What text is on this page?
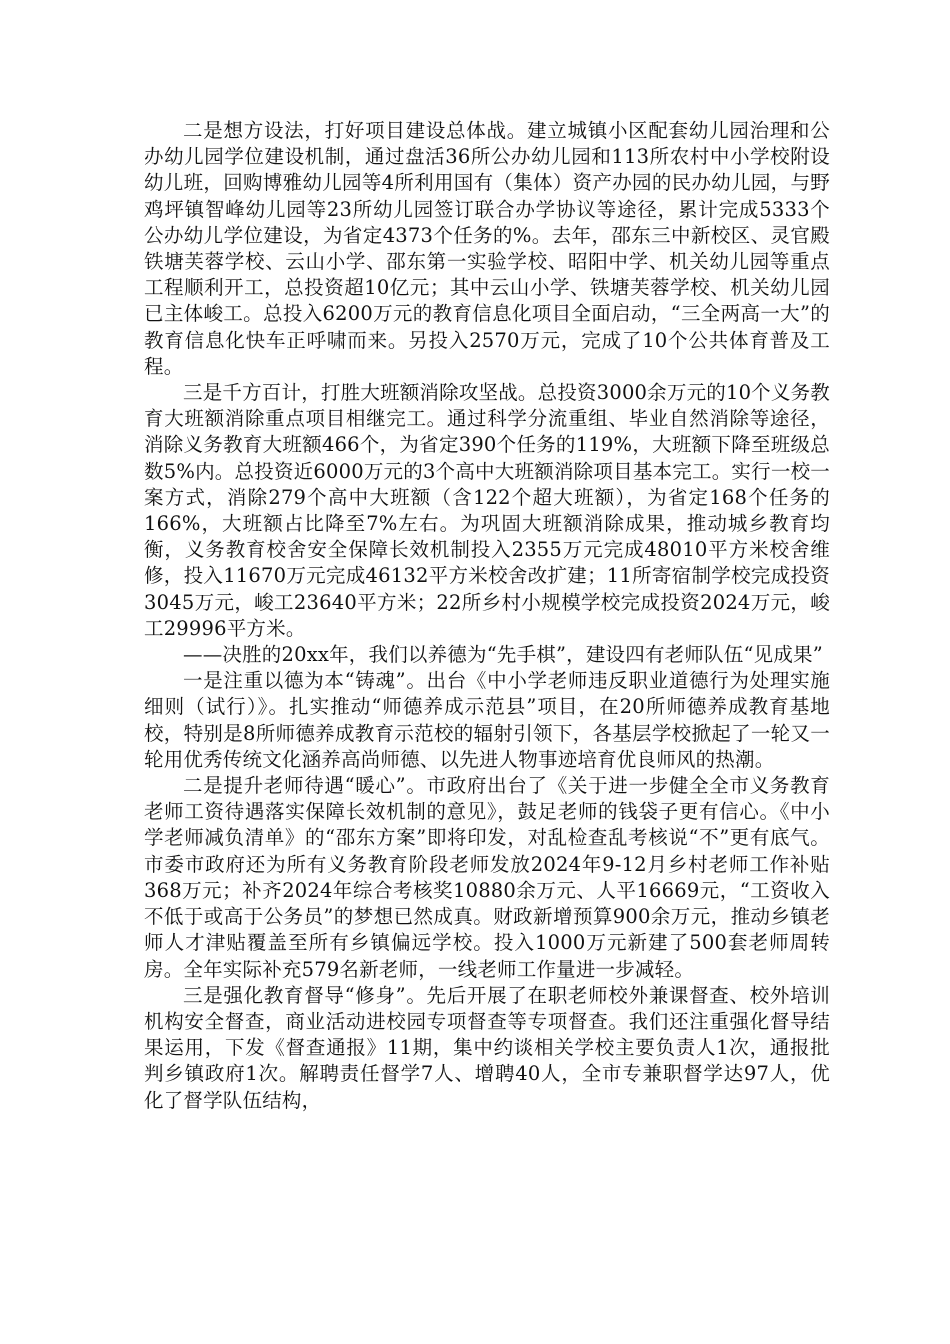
二是想方设法，打好项目建设总体战。建立城镇小区配套幼儿园治理和公办幼儿园学位建设机制，通过盘活36所公办幼儿园和113所农村中小学校附设幼儿班，回购博雅幼儿园等4所利用国有（集体）资产办园的民办幼儿园，与野鸡坪镇智峰幼儿园等23所幼儿园签订联合办学协议等途径，累计完成5333个公办幼儿学位建设，为省定4373个任务的%。去年，邵东三中新校区、灵官殿铁塘芙蓉学校、云山小学、邵东第一实验学校、昭阳中学、机关幼儿园等重点工程顺利开工，总投资超10亿元；其中云山小学、铁塘芙蓉学校、机关幼儿园已主体峻工。总投入6200万元的教育信息化项目全面启动，“三全两高一大”的教育信息化快车正呼啸而来。另投入2570万元，完成了10个公共体育普及工程。

三是千方百计，打胜大班额消除攻坚战。总投资3000余万元的10个义务教育大班额消除重点项目相继完工。通过科学分流重组、毕业自然消除等途径，消除义务教育大班额466个，为省定390个任务的119%，大班额下降至班级总数5%内。总投资近6000万元的3个高中大班额消除项目基本完工。实行一校一案方式，消除279个高中大班额（含122个超大班额），为省定168个任务的166%，大班额占比降至7%左右。为巩固大班额消除成果，推动城乡教育均衡，义务教育校舍安全保障长效机制投入2355万元完成48010平方米校舍维修，投入11670万元完成46132平方米校舍改扩建；11所寄宿制学校完成投资3045万元，峻工23640平方米；22所乡村小规模学校完成投资2024万元，峻工29996平方米。

——决胜的20xx年，我们以养德为“先手棋”，建设四有老师队伍“见成果”

一是注重以德为本“铸魂”。出台《中小学老师违反职业道德行为处理实施细则（试行）》。扎实推动“师德养成示范县”项目，在20所师德养成教育基地校，特别是8所师德养成教育示范校的辐射引领下，各基层学校掀起了一轮又一轮用优秀传统文化涵养高尚师德、以先进人物事迹培育优良师风的热潮。

二是提升老师待遇“暖心”。市政府出台了《关于进一步健全全市义务教育老师工资待遇落实保障长效机制的意见》，鼓足老师的钱袋子更有信心。《中小学老师减负清单》的“邵东方案”即将印发，对乱检查乱考核说“不”更有底气。市委市政府还为所有义务教育阶段老师发放2024年9-12月乡村老师工作补贴368万元；补齐2024年综合考核奖10880余万元、人平16669元，“工资收入不低于或高于公务员”的梦想已然成真。财政新增预算900余万元，推动乡镇老师人才津贴覆盖至所有乡镇偏远学校。投入1000万元新建了500套老师周转房。全年实际补充579名新老师，一线老师工作量进一步减轻。

三是强化教育督导“修身”。先后开展了在职老师校外兼课督查、校外培训机构安全督查，商业活动进校园专项督查等专项督查。我们还注重强化督导结果运用，下发《督查通报》11期，集中约谈相关学校主要负责人1次，通报批判乡镇政府1次。解聘责任督学7人、增聘40人，全市专兼职督学达97人，优化了督学队伍结构，
